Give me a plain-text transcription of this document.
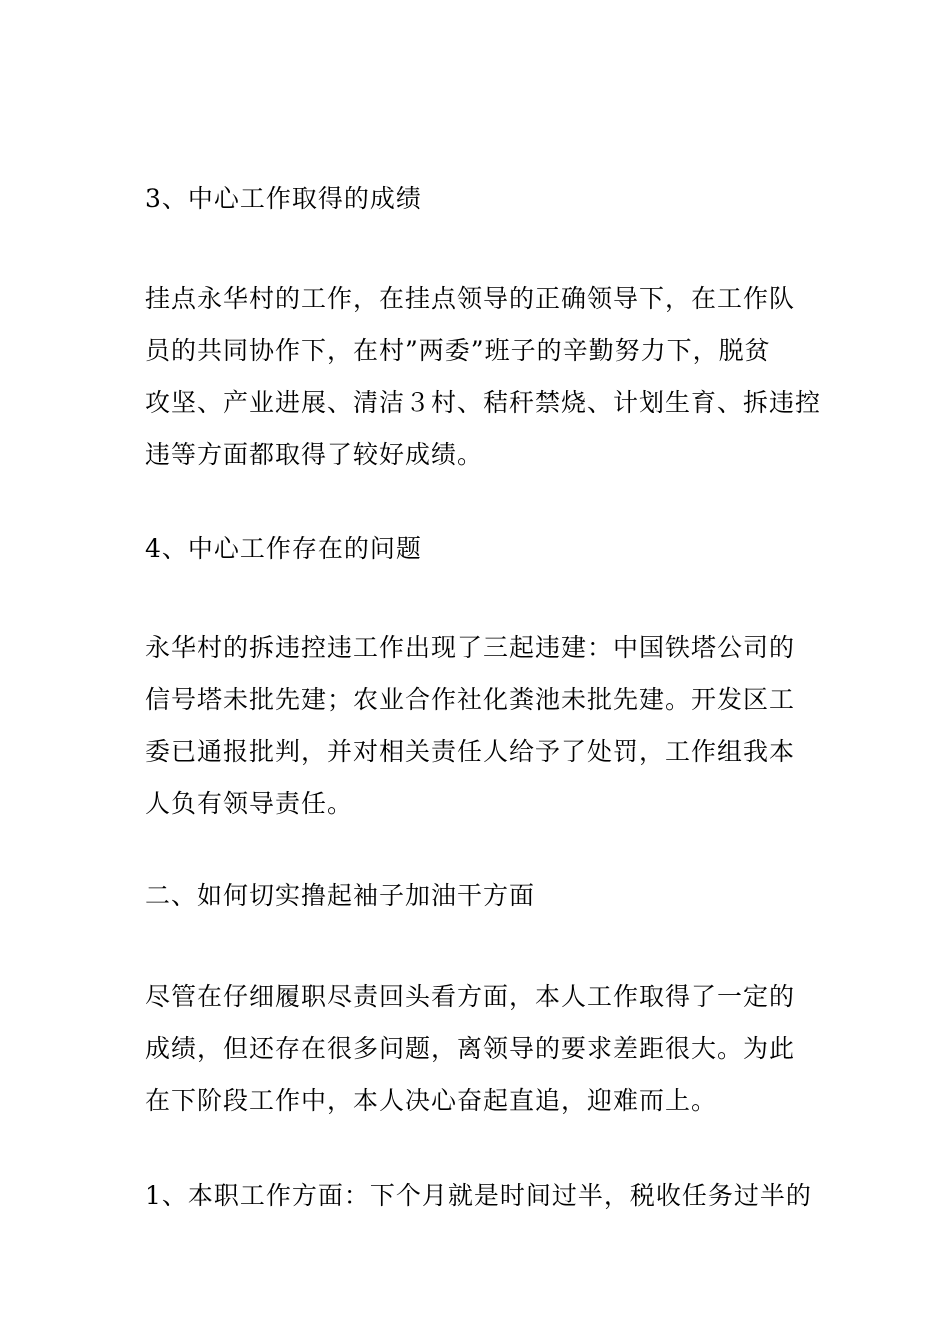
3、中心工作取得的成绩

挂点永华村的工作，在挂点领导的正确领导下，在工作队
员的共同协作下，在村”两委”班子的辛勤努力下，脱贫
攻坚、产业进展、清洁３村、秸秆禁烧、计划生育、拆违控
违等方面都取得了较好成绩。

4、中心工作存在的问题

永华村的拆违控违工作出现了三起违建：中国铁塔公司的
信号塔未批先建；农业合作社化粪池未批先建。开发区工
委已通报批判，并对相关责任人给予了处罚，工作组我本
人负有领导责任。

二、如何切实撸起袖子加油干方面

尽管在仔细履职尽责回头看方面，本人工作取得了一定的
成绩，但还存在很多问题，离领导的要求差距很大。为此
在下阶段工作中，本人决心奋起直追，迎难而上。

1、本职工作方面：下个月就是时间过半，税收任务过半的
